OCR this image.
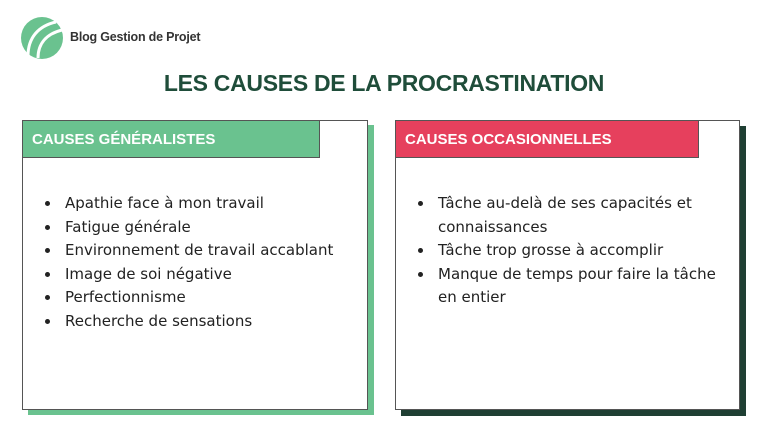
Blog Gestion de Projet
LES CAUSES DE LA PROCRASTINATION
CAUSES GÉNÉRALISTES
• Apathie face à mon travail
• Fatigue générale
• Environnement de travail accablant
• Image de soi négative
• Perfectionnisme
• Recherche de sensations
CAUSES OCCASIONNELLES
• Tâche au-delà de ses capacités et connaissances
• Tâche trop grosse à accomplir
• Manque de temps pour faire la tâche en entier
